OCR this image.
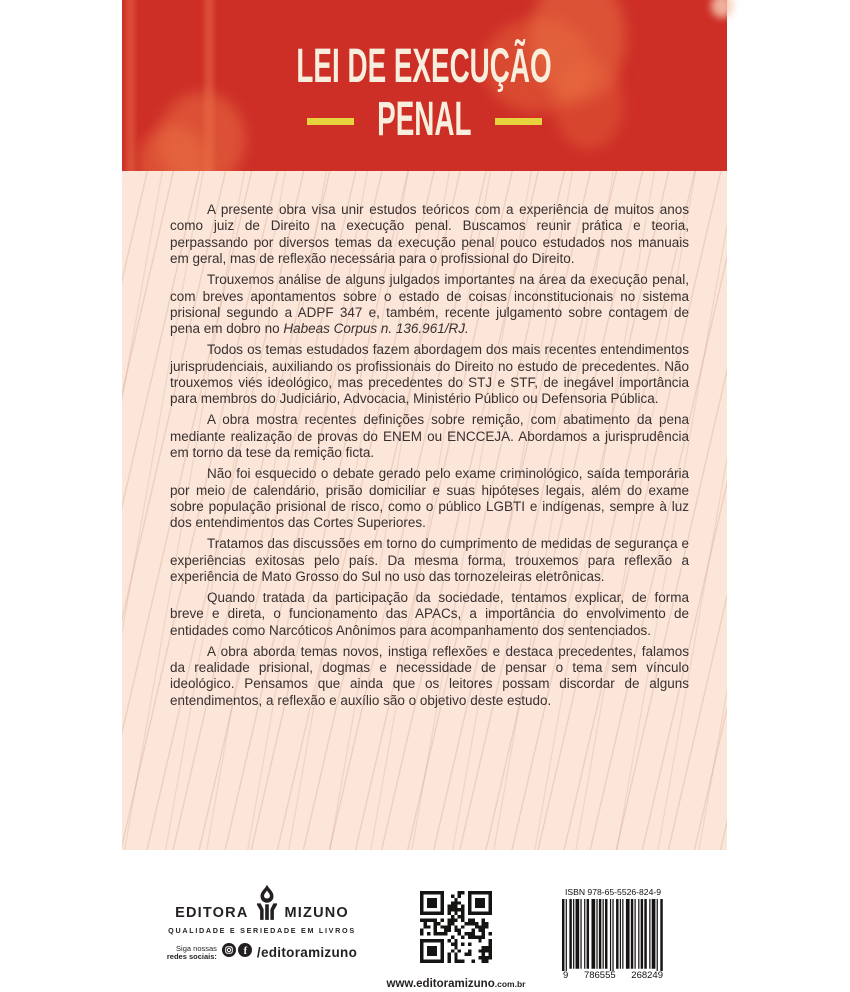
LEI DE EXECUÇÃO
PENAL

A presente obra visa unir estudos teóricos com a experiência de muitos anos como juiz de Direito na execução penal. Buscamos reunir prática e teoria, perpassando por diversos temas da execução penal pouco estudados nos manuais em geral, mas de reflexão necessária para o profissional do Direito.

Trouxemos análise de alguns julgados importantes na área da execução penal, com breves apontamentos sobre o estado de coisas inconstitucionais no sistema prisional segundo a ADPF 347 e, também, recente julgamento sobre contagem de pena em dobro no Habeas Corpus n. 136.961/RJ.

Todos os temas estudados fazem abordagem dos mais recentes entendimentos jurisprudenciais, auxiliando os profissionais do Direito no estudo de precedentes. Não trouxemos viés ideológico, mas precedentes do STJ e STF, de inegável importância para membros do Judiciário, Advocacia, Ministério Público ou Defensoria Pública.

A obra mostra recentes definições sobre remição, com abatimento da pena mediante realização de provas do ENEM ou ENCCEJA. Abordamos a jurisprudência em torno da tese da remição ficta.

Não foi esquecido o debate gerado pelo exame criminológico, saída temporária por meio de calendário, prisão domiciliar e suas hipóteses legais, além do exame sobre população prisional de risco, como o público LGBTI e indígenas, sempre à luz dos entendimentos das Cortes Superiores.

Tratamos das discussões em torno do cumprimento de medidas de segurança e experiências exitosas pelo país. Da mesma forma, trouxemos para reflexão a experiência de Mato Grosso do Sul no uso das tornozeleiras eletrônicas.

Quando tratada da participação da sociedade, tentamos explicar, de forma breve e direta, o funcionamento das APACs, a importância do envolvimento de entidades como Narcóticos Anônimos para acompanhamento dos sentenciados.

A obra aborda temas novos, instiga reflexões e destaca precedentes, falamos da realidade prisional, dogmas e necessidade de pensar o tema sem vínculo ideológico. Pensamos que ainda que os leitores possam discordar de alguns entendimentos, a reflexão e auxílio são o objetivo deste estudo.

EDITORA MIZUNO
QUALIDADE E SERIEDADE EM LIVROS
Siga nossas
redes sociais:	f /editoramizuno
www.editoramizuno.com.br
ISBN 978-65-5526-824-9
9 786555 268249
